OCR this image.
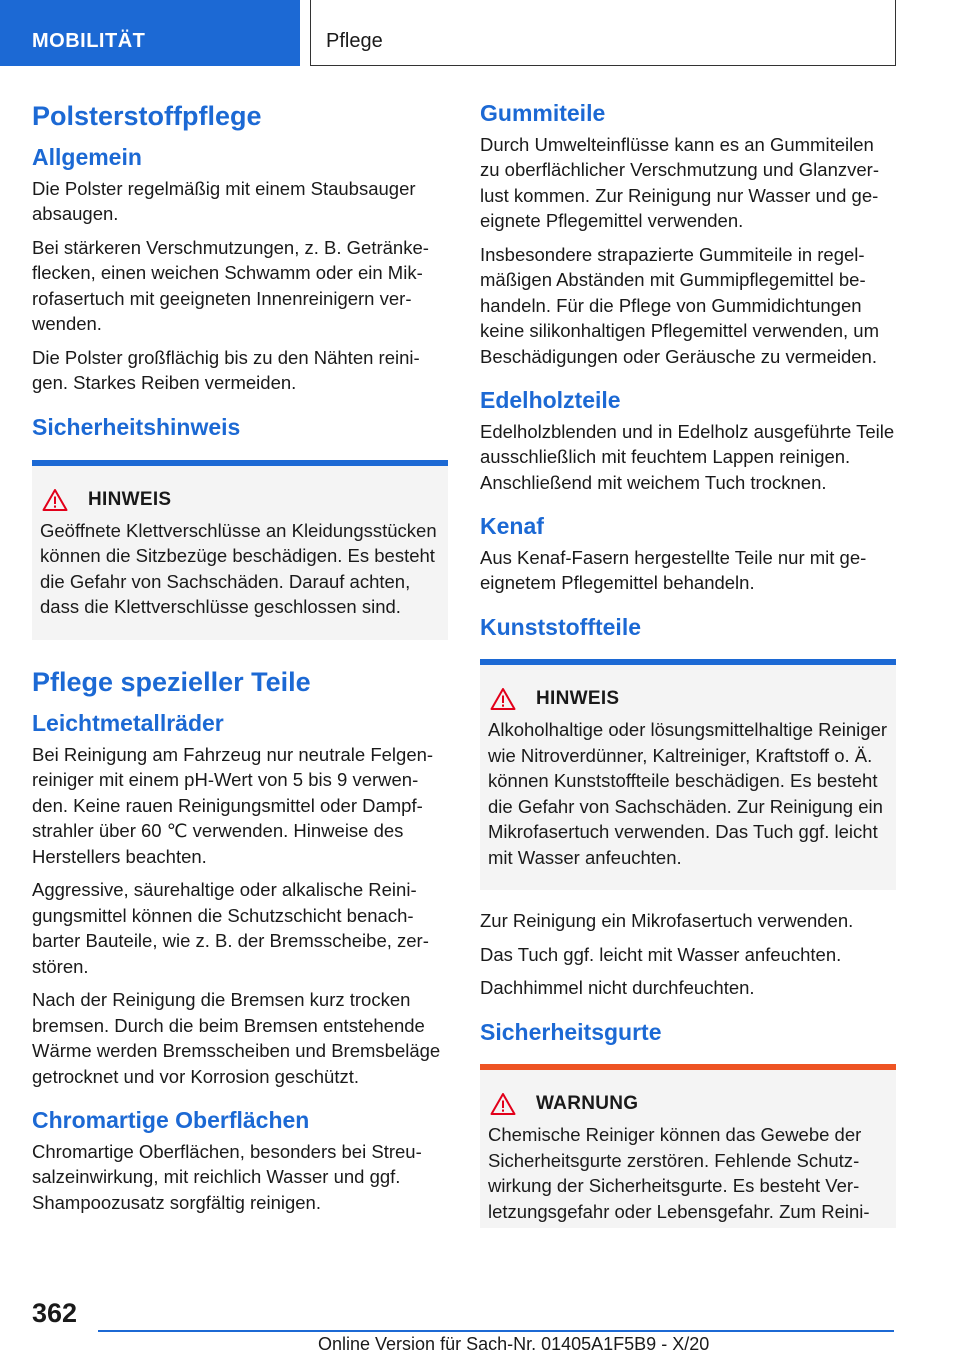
MOBILITÄT	Pflege
Polsterstoffpflege
Allgemein

Die Polster regelmäßig mit einem Staubsauger absaugen.

Bei stärkeren Verschmutzungen, z. B. Getränkeflecken, einen weichen Schwamm oder ein Mikrofasertuch mit geeigneten Innenreinigern verwenden.

Die Polster großflächig bis zu den Nähten reinigen. Starkes Reiben vermeiden.

Sicherheitshinweis
HINWEIS

Geöffnete Klettverschlüsse an Kleidungsstücken können die Sitzbezüge beschädigen. Es besteht die Gefahr von Sachschäden. Darauf achten, dass die Klettverschlüsse geschlossen sind.

Pflege spezieller Teile
Leichtmetallräder

Bei Reinigung am Fahrzeug nur neutrale Felgenreiniger mit einem pH-Wert von 5 bis 9 verwenden. Keine rauen Reinigungsmittel oder Dampfstrahler über 60 ℃ verwenden. Hinweise des Herstellers beachten.

Aggressive, säurehaltige oder alkalische Reinigungsmittel können die Schutzschicht benachbarter Bauteile, wie z. B. der Bremsscheibe, zerstören.

Nach der Reinigung die Bremsen kurz trocken bremsen. Durch die beim Bremsen entstehende Wärme werden Bremsscheiben und Bremsbeläge getrocknet und vor Korrosion geschützt.

Chromartige Oberflächen

Chromartige Oberflächen, besonders bei Streusalzeinwirkung, mit reichlich Wasser und ggf. Shampoozusatz sorgfältig reinigen.

Gummiteile

Durch Umwelteinflüsse kann es an Gummiteilen zu oberflächlicher Verschmutzung und Glanzverlust kommen. Zur Reinigung nur Wasser und geeignete Pflegemittel verwenden.

Insbesondere strapazierte Gummiteile in regelmäßigen Abständen mit Gummipflegemittel behandeln. Für die Pflege von Gummidichtungen keine silikonhaltigen Pflegemittel verwenden, um Beschädigungen oder Geräusche zu vermeiden.

Edelholzteile

Edelholzblenden und in Edelholz ausgeführte Teile ausschließlich mit feuchtem Lappen reinigen. Anschließend mit weichem Tuch trocknen.

Kenaf

Aus Kenaf-Fasern hergestellte Teile nur mit geeignetem Pflegemittel behandeln.

Kunststoffteile
HINWEIS

Alkoholhaltige oder lösungsmittelhaltige Reiniger wie Nitroverdünner, Kaltreiniger, Kraftstoff o. Ä. können Kunststoffteile beschädigen. Es besteht die Gefahr von Sachschäden. Zur Reinigung ein Mikrofasertuch verwenden. Das Tuch ggf. leicht mit Wasser anfeuchten.

Zur Reinigung ein Mikrofasertuch verwenden.

Das Tuch ggf. leicht mit Wasser anfeuchten.

Dachhimmel nicht durchfeuchten.

Sicherheitsgurte
WARNUNG

Chemische Reiniger können das Gewebe der Sicherheitsgurte zerstören. Fehlende Schutzwirkung der Sicherheitsgurte. Es besteht Verletzungsgefahr oder Lebensgefahr. Zum Reini-

362
Online Version für Sach-Nr. 01405A1F5B9 - X/20
